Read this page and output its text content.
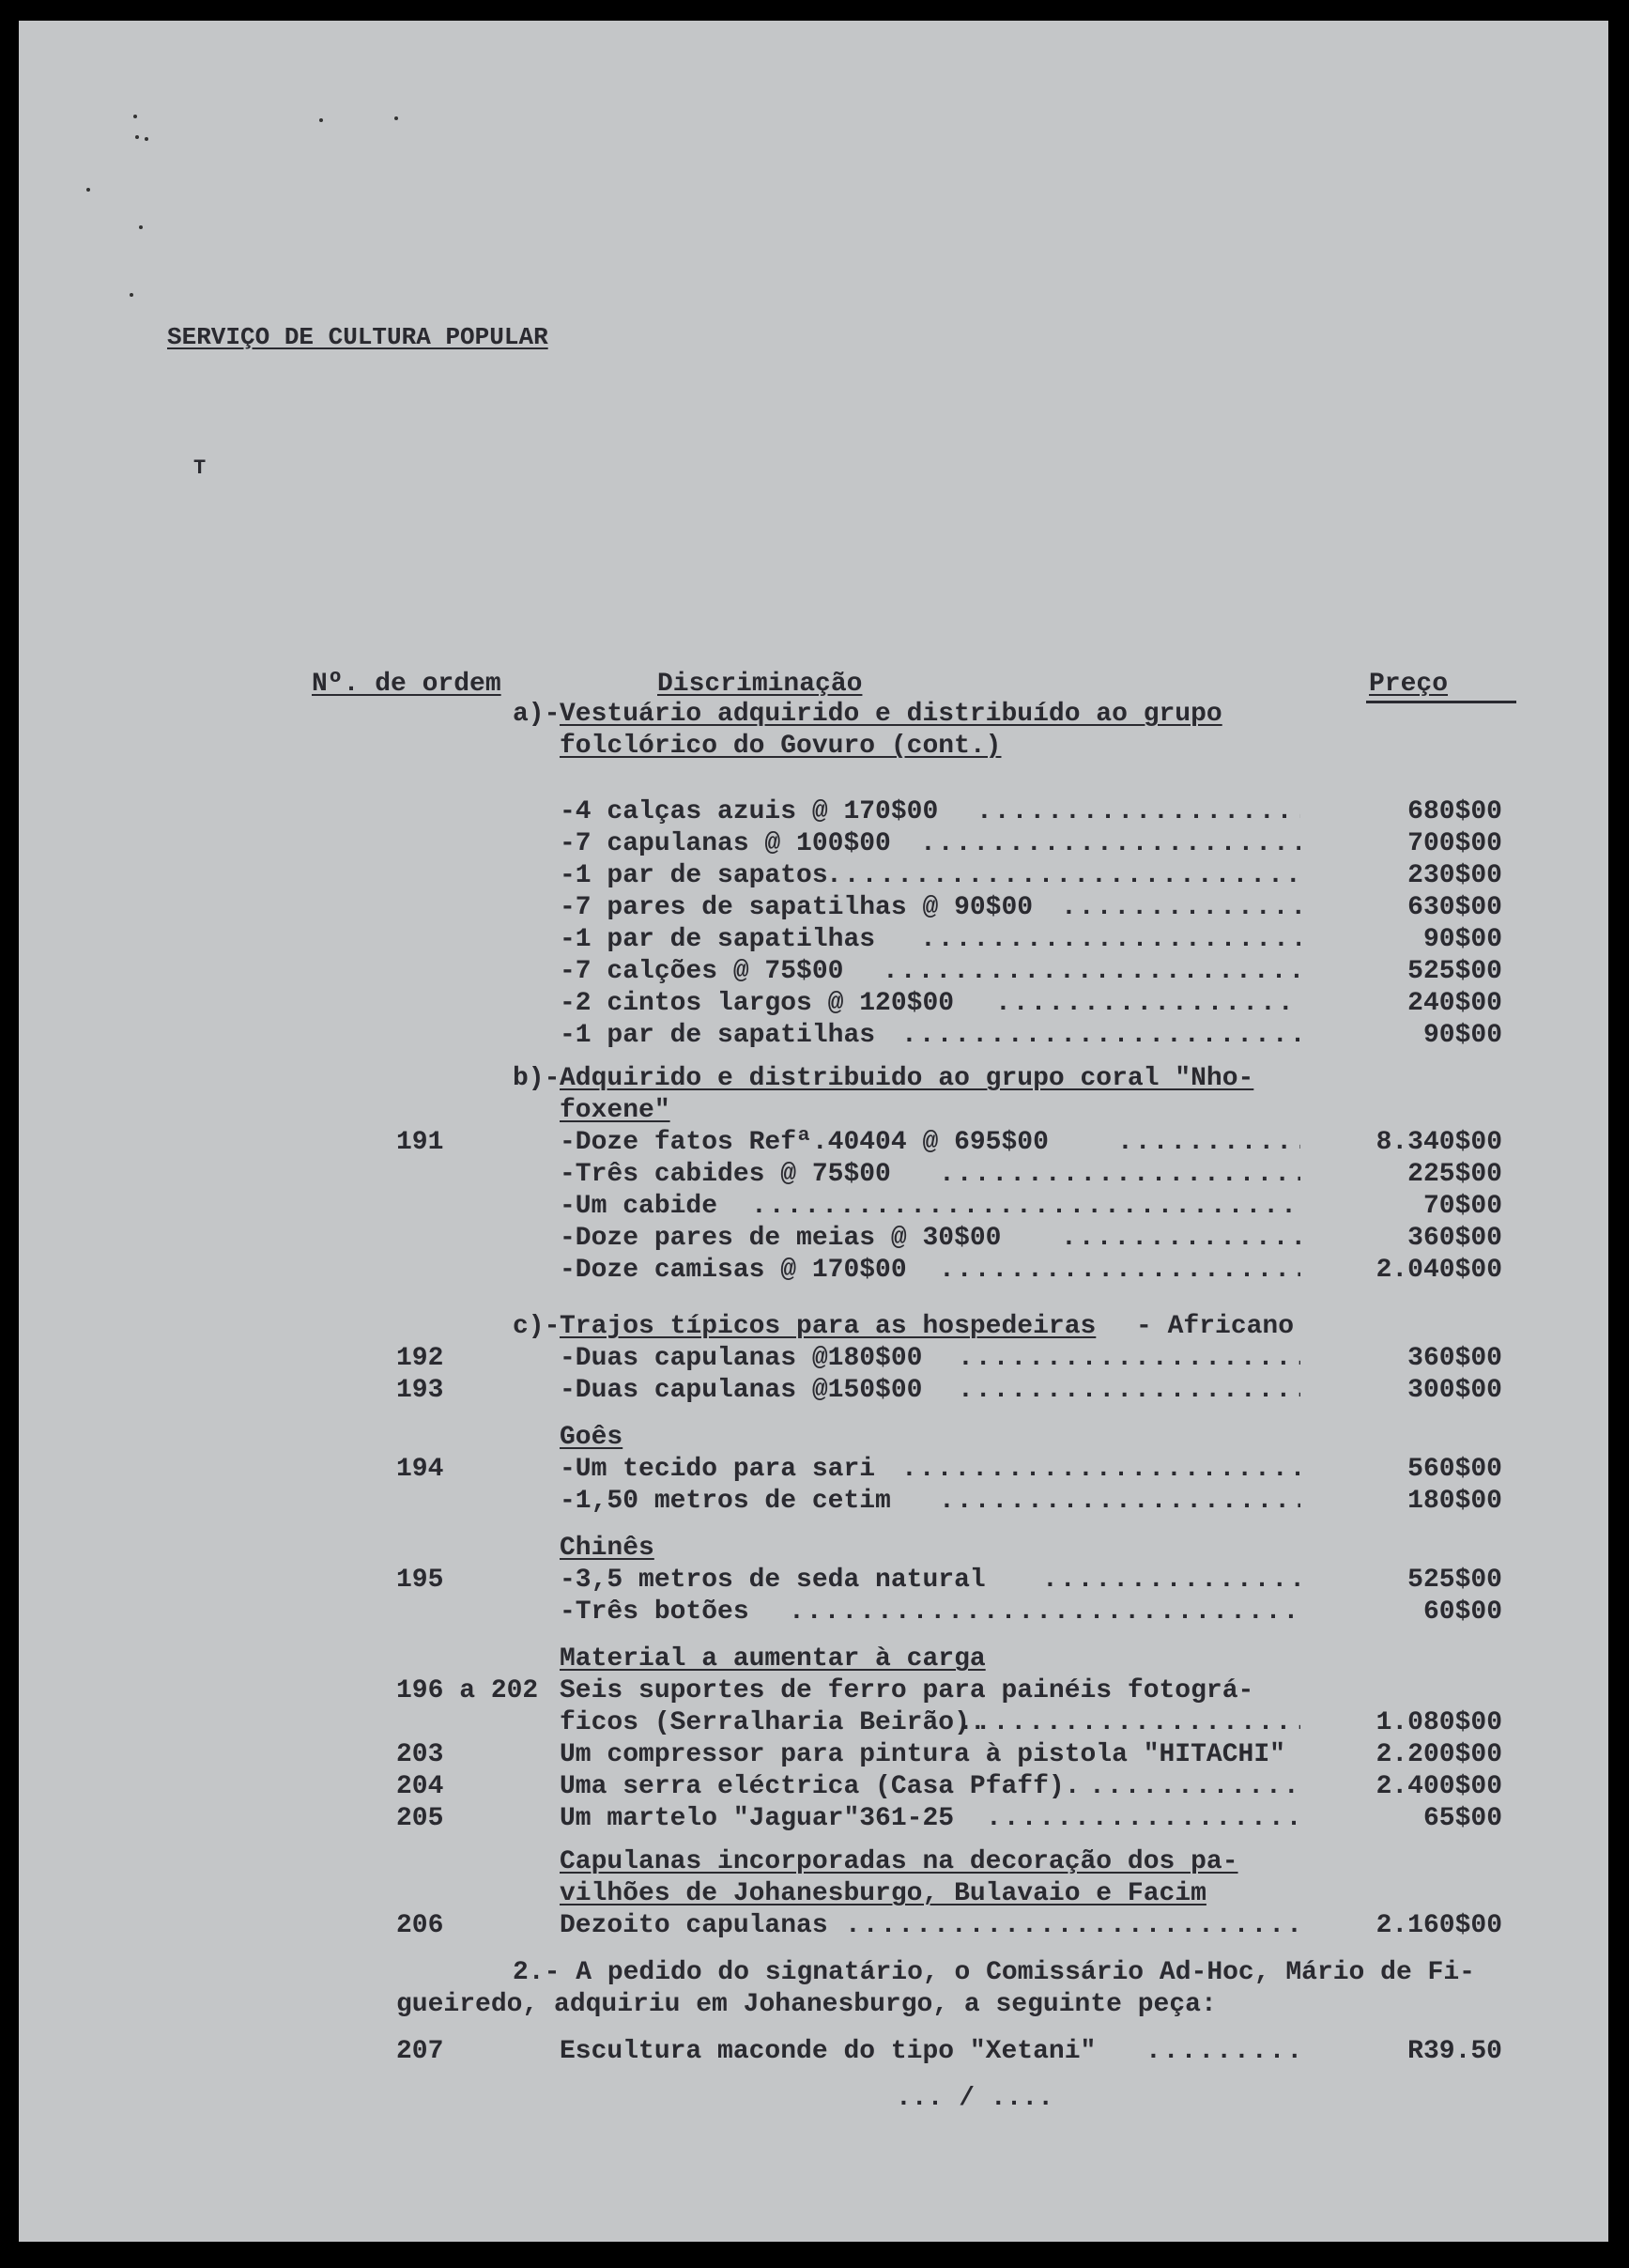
SERVIÇO DE CULTURA POPULAR
T
Nº. de ordem	Discriminação	Preço
a)- Vestuário adquirido e distribuído ao grupo
folclórico do Govuro (cont.)
-4 calças azuis @ 170$00 .....	680$00
-7 capulanas @ 100$00 .....	700$00
-1 par de sapatos .....	230$00
-7 pares de sapatilhas @ 90$00 .....	630$00
-1 par de sapatilhas .....	90$00
-7 calções @ 75$00 .....	525$00
-2 cintos largos @ 120$00 .....	240$00
-1 par de sapatilhas .....	90$00
b)- Adquirido e distribuido ao grupo coral "Nho-
foxene"
191	-Doze fatos Refª.40404 @ 695$00 .....	8.340$00
-Três cabides @ 75$00 .....	225$00
-Um cabide .....	70$00
-Doze pares de meias @ 30$00 .....	360$00
-Doze camisas @ 170$00 .....	2.040$00
c)- Trajos típicos para as hospedeiras - Africano
192	-Duas capulanas @180$00 .....	360$00
193	-Duas capulanas @150$00 .....	300$00
Goês
194	-Um tecido para sari .....	560$00
-1,50 metros de cetim .....	180$00
Chinês
195	-3,5 metros de seda natural .....	525$00
-Três botões .....	60$00
Material a aumentar à carga
196 a 202 Seis suportes de ferro para painéis fotográ-
ficos (Serralharia Beirão). .....	1.080$00
203	Um compressor para pintura à pistola "HITACHI"	2.200$00
204	Uma serra eléctrica (Casa Pfaff). .....	2.400$00
205	Um martelo "Jaguar"361-25 .....	65$00
Capulanas incorporadas na decoração dos pa-
vilhões de Johanesburgo, Bulavaio e Facim
206	Dezoito capulanas .....	2.160$00
2.- A pedido do signatário, o Comissário Ad-Hoc, Mário de Fi-
gueiredo, adquiriu em Johanesburgo, a seguinte peça:
207	Escultura maconde do tipo "Xetani" .....	R39.50
... / ....
